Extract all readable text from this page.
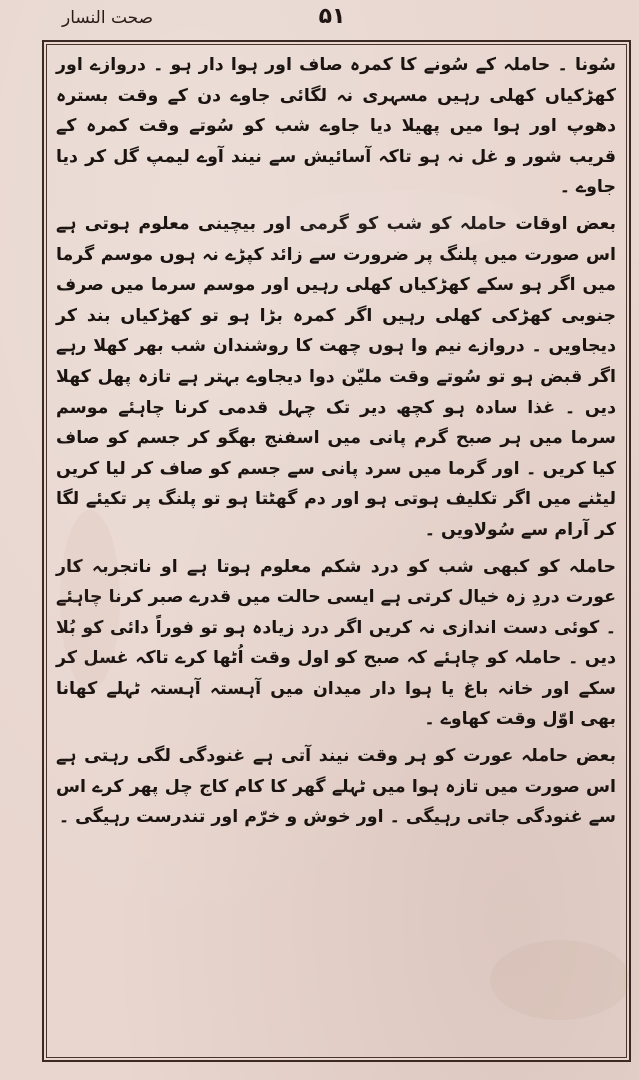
۵۱
صحت النسار

سُونا ۔ حاملہ کے سُونے کا کمرہ صاف اور ہوا دار ہو ۔ دروازے اور کھڑکیاں کھلی رہیں مسہری نہ لگائی جاوے دن کے وقت بسترہ دھوپ اور ہوا میں پھیلا دیا جاوے شب کو سُوتے وقت کمرہ کے قریب شور و غل نہ ہو تاکہ آسائیش سے نیند آوے لیمپ گل کر دیا جاوے ۔

بعض اوقات حاملہ کو شب کو گرمی اور بیچینی معلوم ہوتی ہے اس صورت میں پلنگ پر ضرورت سے زائد کپڑے نہ ہوں موسم گرما میں اگر ہو سکے کھڑکیاں کھلی رہیں اور موسم سرما میں صرف جنوبی کھڑکی کھلی رہیں اگر کمرہ بڑا ہو تو کھڑکیاں بند کر دیجاویں ۔ دروازے نیم وا ہوں چھت کا روشندان شب بھر کھلا رہے اگر قبض ہو تو سُوتے وقت ملیّن دوا دیجاوے بہتر ہے تازہ پھل کھلا دیں ۔ غذا سادہ ہو کچھ دیر تک چہل قدمی کرنا چاہئے موسم سرما میں ہر صبح گرم پانی میں اسفنج بھگو کر جسم کو صاف کیا کریں ۔ اور گرما میں سرد پانی سے جسم کو صاف کر لیا کریں لیٹنے میں اگر تکلیف ہوتی ہو اور دم گھٹتا ہو تو پلنگ پر تکیئے لگا کر آرام سے سُولاویں ۔

حاملہ کو کبھی شب کو درد شکم معلوم ہوتا ہے او ناتجربہ کار عورت دردِ زہ خیال کرتی ہے ایسی حالت میں قدرے صبر کرنا چاہئے ۔ کوئی دست اندازی نہ کریں اگر درد زیادہ ہو تو فوراً دائی کو بُلا دیں ۔ حاملہ کو چاہئے کہ صبح کو اول وقت اُٹھا کرے تاکہ غسل کر سکے اور خانہ باغ یا ہوا دار میدان میں آہستہ آہستہ ٹہلے کھانا بھی اوّل وقت کھاوے ۔

بعض حاملہ عورت کو ہر وقت نیند آتی ہے غنودگی لگی رہتی ہے اس صورت میں تازہ ہوا میں ٹہلے گھر کا کام کاج چل پھر کرے اس سے غنودگی جاتی رہیگی ۔ اور خوش و خرّم اور تندرست رہیگی ۔
